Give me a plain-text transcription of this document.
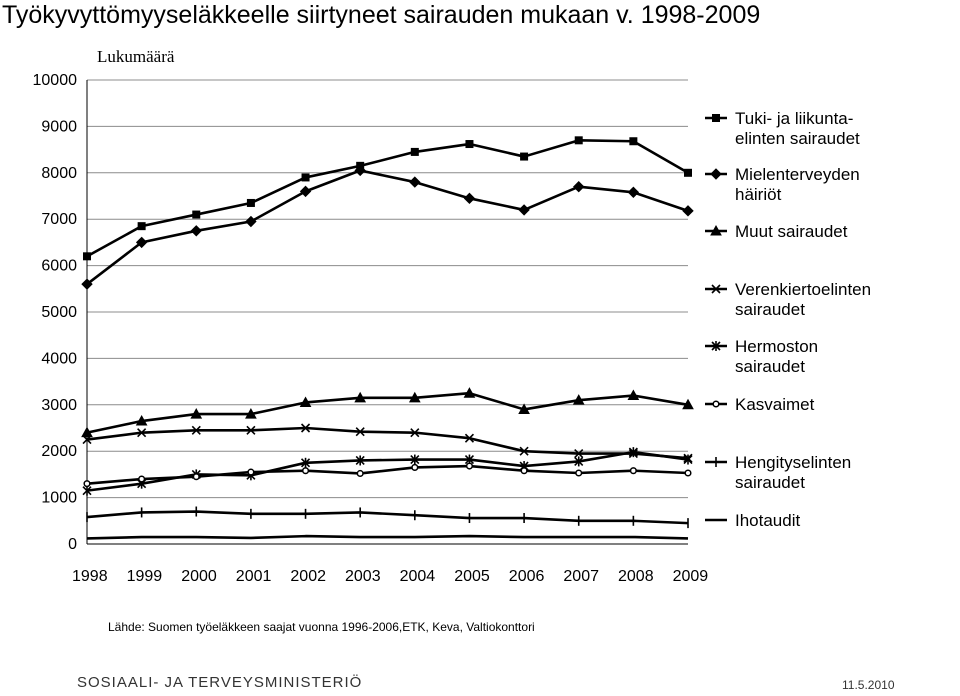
Työkyvyttömyyseläkkeelle siirtyneet sairauden mukaan v. 1998-2009
0
1000
2000
3000
4000
5000
6000
7000
8000
9000
10000
Lukumäärä
1998 1999 2000 2001 2002 2003 2004 2005 2006 2007 2008 2009
Tuki- ja liikunta-
elinten sairaudet
Mielenterveyden
häiriöt
Muut sairaudet
Verenkiertoelinten
sairaudet
Hermoston
sairaudet
Kasvaimet
Hengityselinten
sairaudet
Ihotaudit
Lähde: Suomen työeläkkeen saajat vuonna 1996-2006,ETK, Keva, Valtiokonttori
SOSIAALI- JA TERVEYSMINISTERIÖ	11.5.2010
